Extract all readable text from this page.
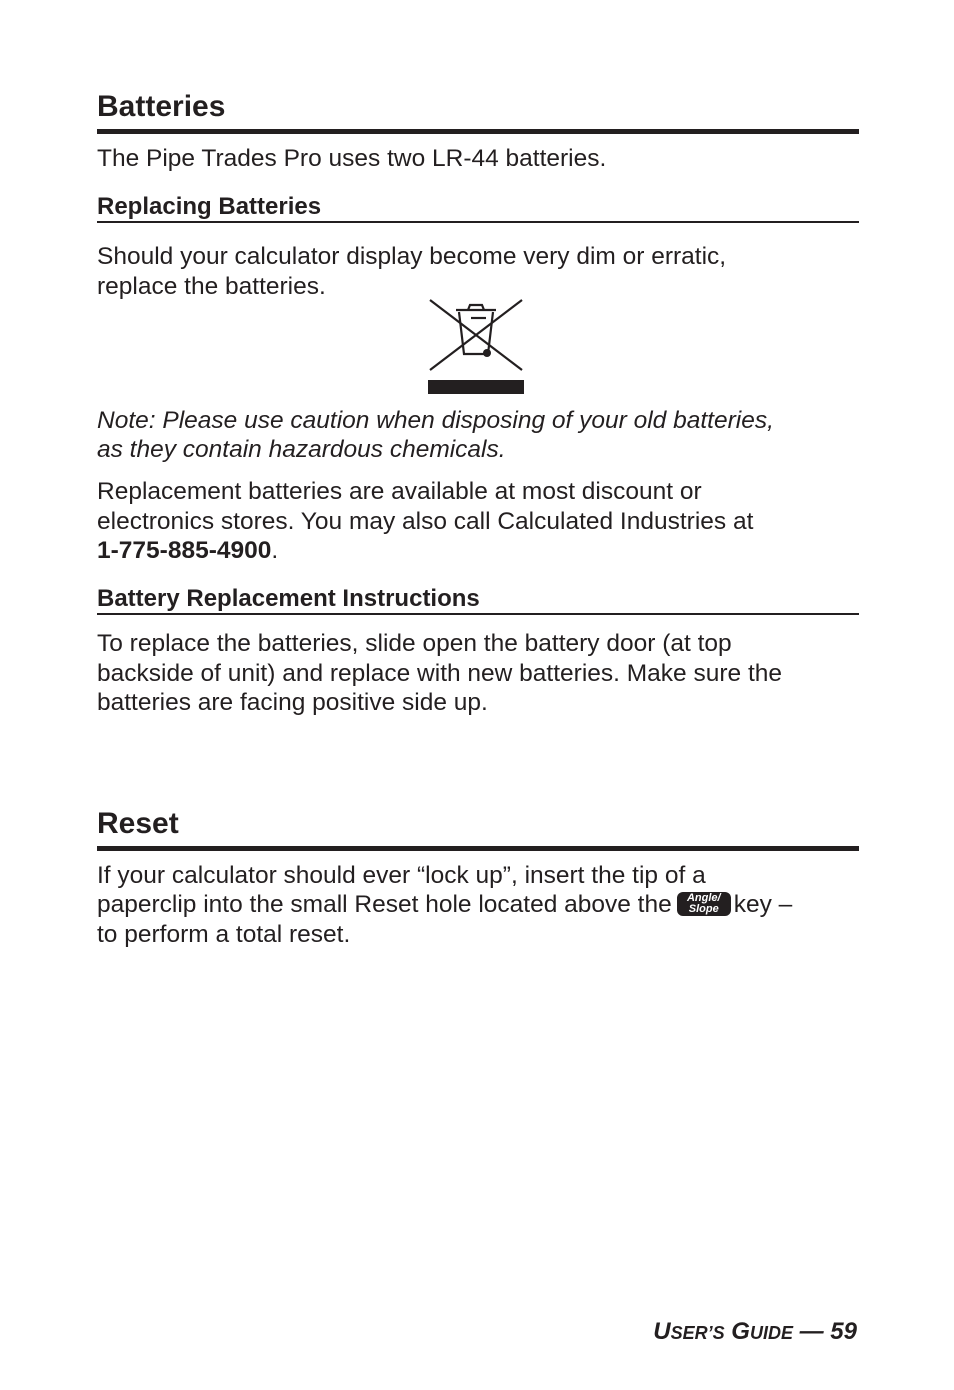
Batteries
The Pipe Trades Pro uses two LR-44 batteries.
Replacing Batteries
Should your calculator display become very dim or erratic,
replace the batteries.
Note: Please use caution when disposing of your old batteries,
as they contain hazardous chemicals.
Replacement batteries are available at most discount or
electronics stores. You may also call Calculated Industries at
1-775-885-4900.
Battery Replacement Instructions
To replace the batteries, slide open the battery door (at top
backside of unit) and replace with new batteries. Make sure the
batteries are facing positive side up.
Reset
If your calculator should ever “lock up”, insert the tip of a
paperclip into the small Reset hole located above the Angle/
Slope key –
to perform a total reset.
USER’S GUIDE — 59
